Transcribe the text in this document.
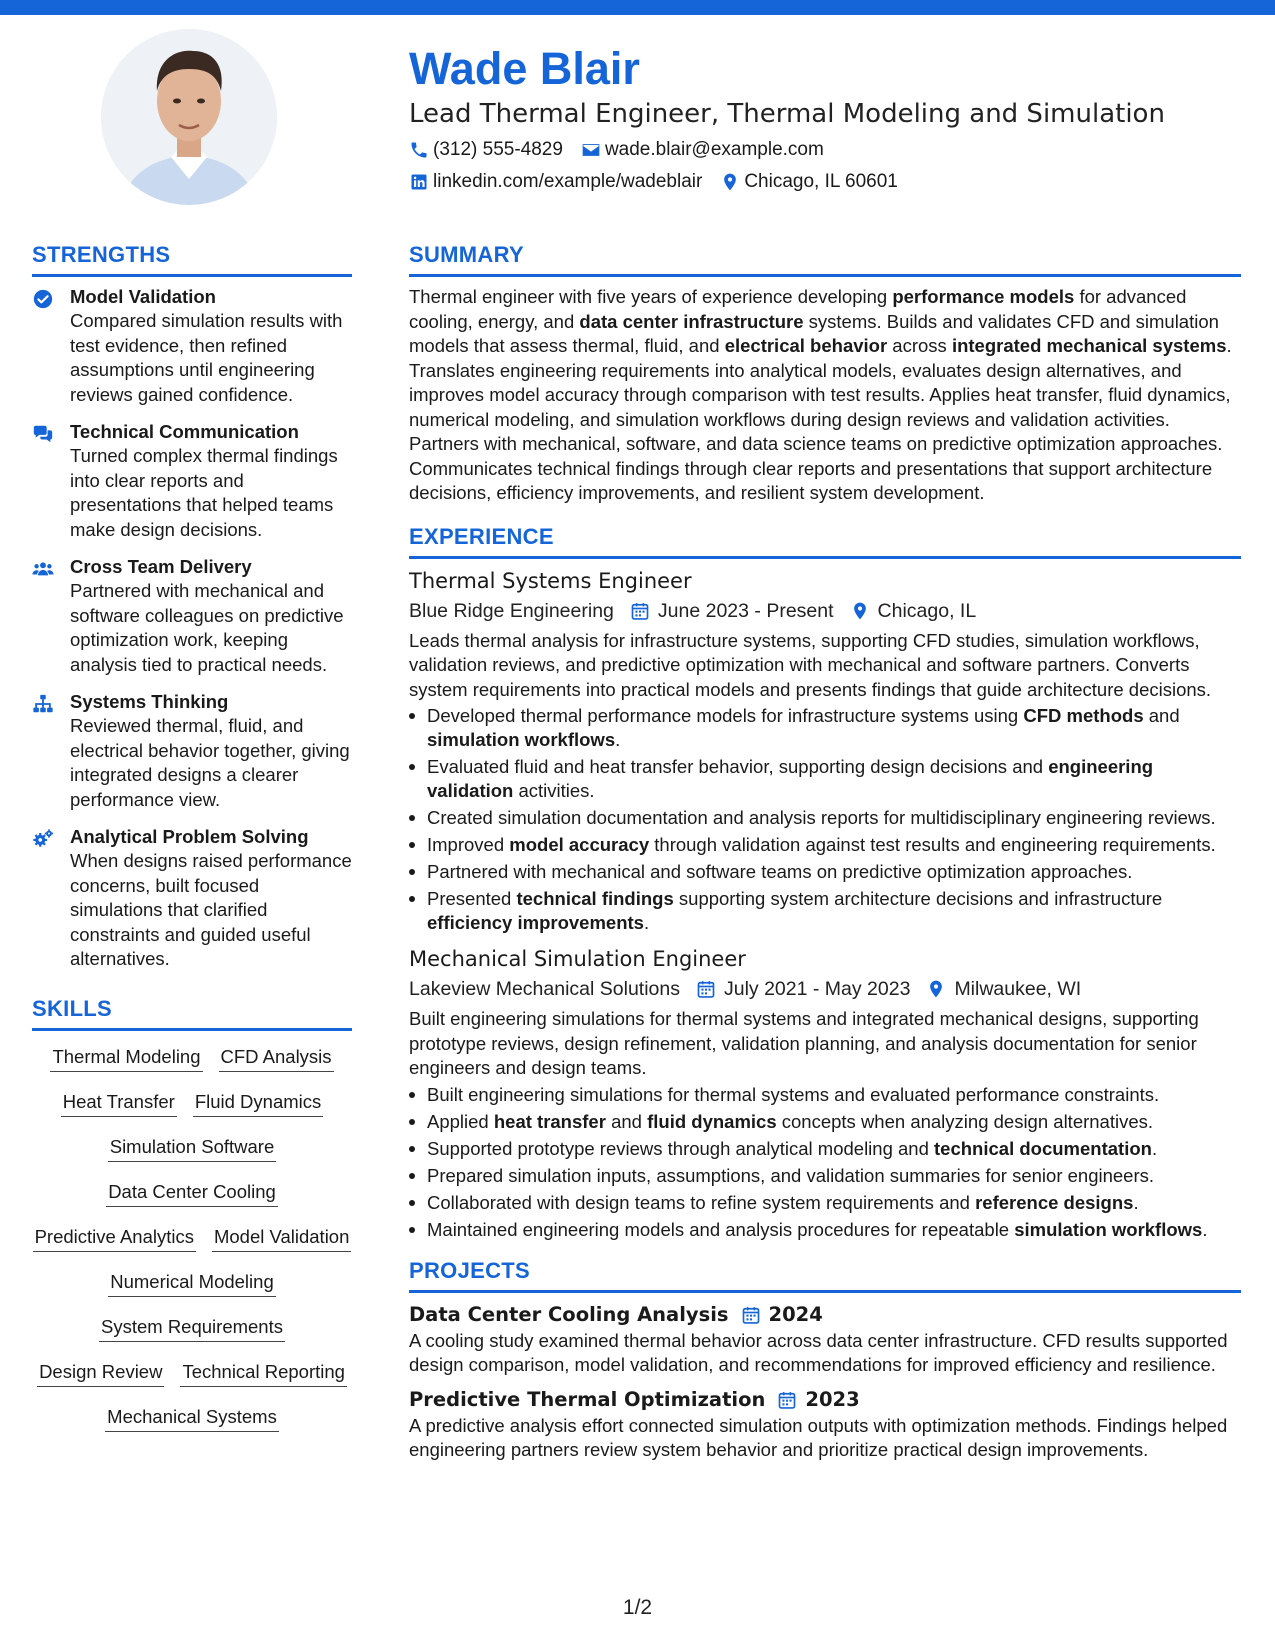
Wade Blair
Lead Thermal Engineer, Thermal Modeling and Simulation
(312) 555-4829 wade.blair@example.com
linkedin.com/example/wadeblair Chicago, IL 60601
STRENGTHS
Model Validation
Compared simulation results with test evidence, then refined assumptions until engineering reviews gained confidence.
Technical Communication
Turned complex thermal findings into clear reports and presentations that helped teams make design decisions.
Cross Team Delivery
Partnered with mechanical and software colleagues on predictive optimization work, keeping analysis tied to practical needs.
Systems Thinking
Reviewed thermal, fluid, and electrical behavior together, giving integrated designs a clearer performance view.
Analytical Problem Solving
When designs raised performance concerns, built focused simulations that clarified constraints and guided useful alternatives.
SKILLS
Thermal Modeling CFD Analysis
Heat Transfer Fluid Dynamics
Simulation Software
Data Center Cooling
Predictive Analytics Model Validation
Numerical Modeling
System Requirements
Design Review Technical Reporting
Mechanical Systems
SUMMARY
Thermal engineer with five years of experience developing performance models for advanced cooling, energy, and data center infrastructure systems. Builds and validates CFD and simulation models that assess thermal, fluid, and electrical behavior across integrated mechanical systems. Translates engineering requirements into analytical models, evaluates design alternatives, and improves model accuracy through comparison with test results. Applies heat transfer, fluid dynamics, numerical modeling, and simulation workflows during design reviews and validation activities. Partners with mechanical, software, and data science teams on predictive optimization approaches. Communicates technical findings through clear reports and presentations that support architecture decisions, efficiency improvements, and resilient system development.
EXPERIENCE
Thermal Systems Engineer
Blue Ridge Engineering June 2023 - Present Chicago, IL
Leads thermal analysis for infrastructure systems, supporting CFD studies, simulation workflows, validation reviews, and predictive optimization with mechanical and software partners. Converts system requirements into practical models and presents findings that guide architecture decisions.
Developed thermal performance models for infrastructure systems using CFD methods and simulation workflows.
Evaluated fluid and heat transfer behavior, supporting design decisions and engineering validation activities.
Created simulation documentation and analysis reports for multidisciplinary engineering reviews.
Improved model accuracy through validation against test results and engineering requirements.
Partnered with mechanical and software teams on predictive optimization approaches.
Presented technical findings supporting system architecture decisions and infrastructure efficiency improvements.
Mechanical Simulation Engineer
Lakeview Mechanical Solutions July 2021 - May 2023 Milwaukee, WI
Built engineering simulations for thermal systems and integrated mechanical designs, supporting prototype reviews, design refinement, validation planning, and analysis documentation for senior engineers and design teams.
Built engineering simulations for thermal systems and evaluated performance constraints.
Applied heat transfer and fluid dynamics concepts when analyzing design alternatives.
Supported prototype reviews through analytical modeling and technical documentation.
Prepared simulation inputs, assumptions, and validation summaries for senior engineers.
Collaborated with design teams to refine system requirements and reference designs.
Maintained engineering models and analysis procedures for repeatable simulation workflows.
PROJECTS
Data Center Cooling Analysis 2024
A cooling study examined thermal behavior across data center infrastructure. CFD results supported design comparison, model validation, and recommendations for improved efficiency and resilience.
Predictive Thermal Optimization 2023
A predictive analysis effort connected simulation outputs with optimization methods. Findings helped engineering partners review system behavior and prioritize practical design improvements.
1/2
